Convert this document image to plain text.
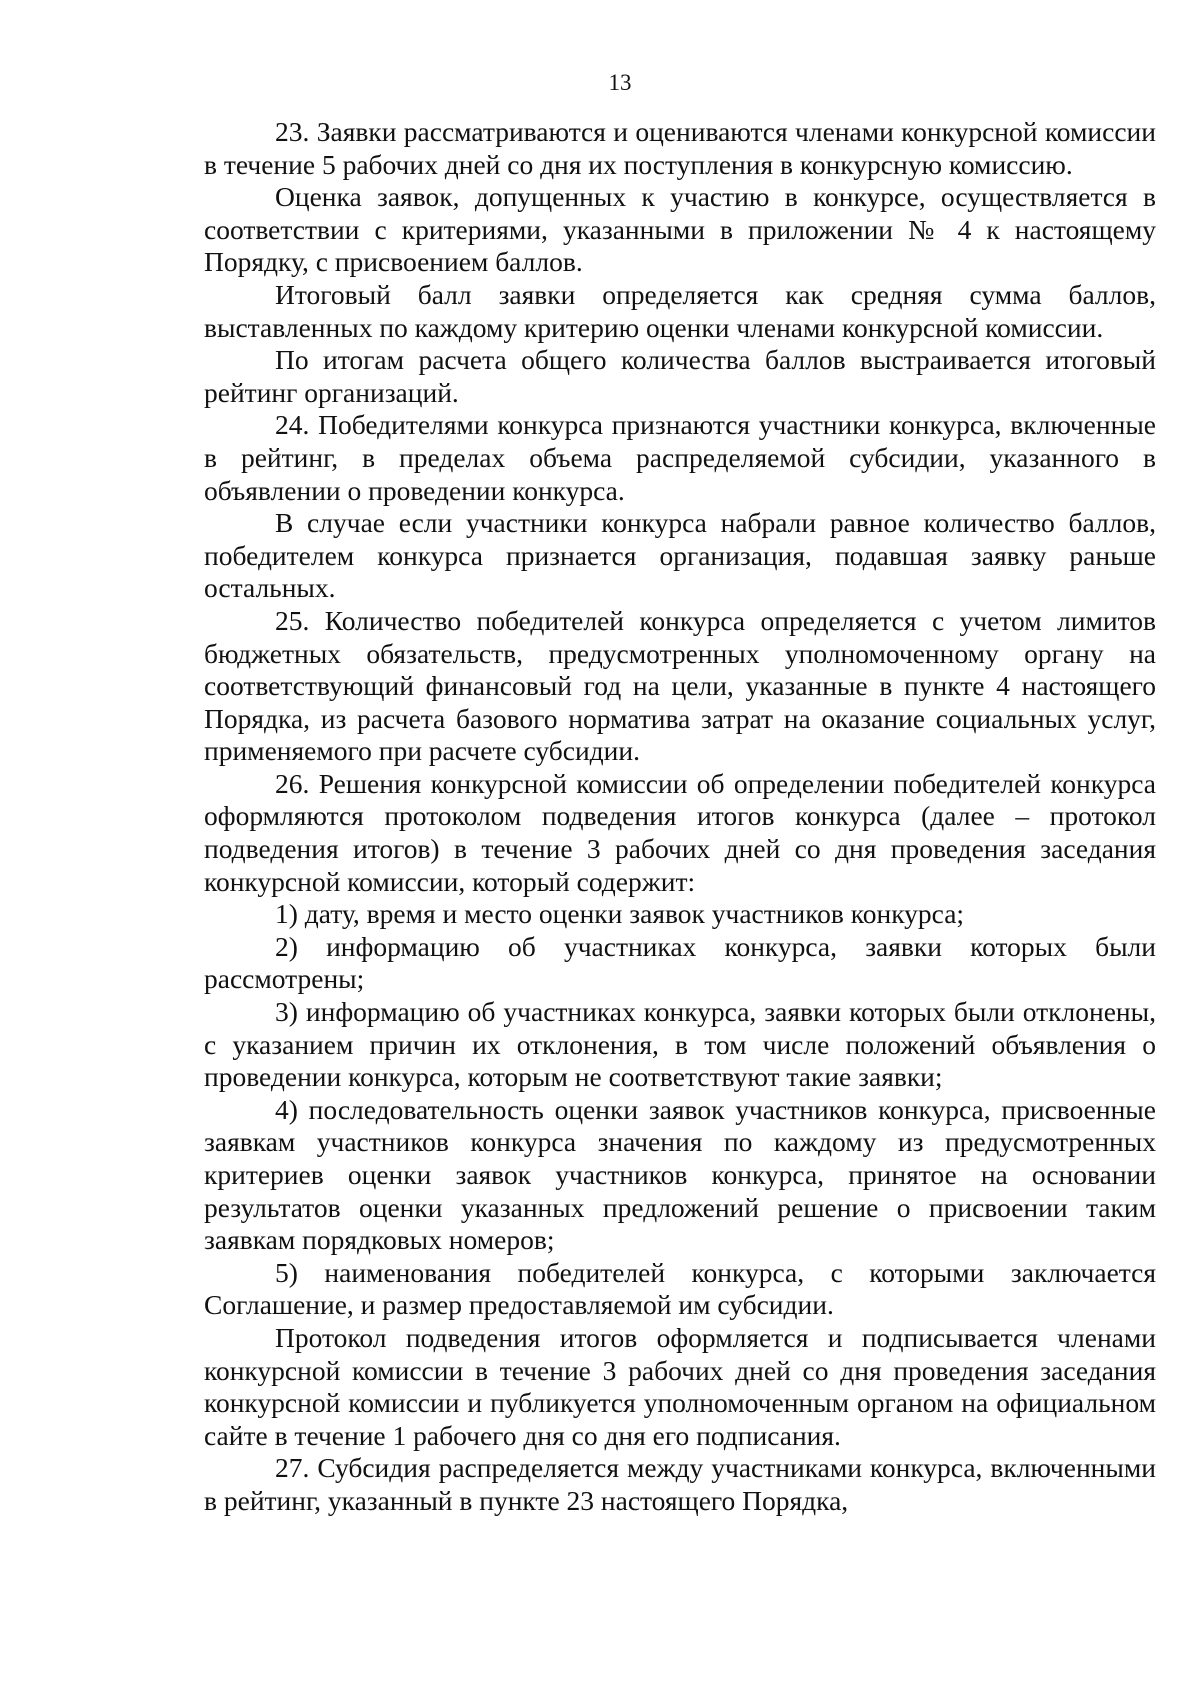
13

23. Заявки рассматриваются и оцениваются членами конкурсной комиссии в течение 5 рабочих дней со дня их поступления в конкурсную комиссию.

Оценка заявок, допущенных к участию в конкурсе, осуществляется в соответствии с критериями, указанными в приложении № 4 к настоящему Порядку, с присвоением баллов.

Итоговый балл заявки определяется как средняя сумма баллов, выставленных по каждому критерию оценки членами конкурсной комиссии.

По итогам расчета общего количества баллов выстраивается итоговый рейтинг организаций.

24. Победителями конкурса признаются участники конкурса, включенные в рейтинг, в пределах объема распределяемой субсидии, указанного в объявлении о проведении конкурса.

В случае если участники конкурса набрали равное количество баллов, победителем конкурса признается организация, подавшая заявку раньше остальных.

25. Количество победителей конкурса определяется с учетом лимитов бюджетных обязательств, предусмотренных уполномоченному органу на соответствующий финансовый год на цели, указанные в пункте 4 настоящего Порядка, из расчета базового норматива затрат на оказание социальных услуг, применяемого при расчете субсидии.

26. Решения конкурсной комиссии об определении победителей конкурса оформляются протоколом подведения итогов конкурса (далее – протокол подведения итогов) в течение 3 рабочих дней со дня проведения заседания конкурсной комиссии, который содержит:

1) дату, время и место оценки заявок участников конкурса;

2) информацию об участниках конкурса, заявки которых были рассмотрены;

3) информацию об участниках конкурса, заявки которых были отклонены, с указанием причин их отклонения, в том числе положений объявления о проведении конкурса, которым не соответствуют такие заявки;

4) последовательность оценки заявок участников конкурса, присвоенные заявкам участников конкурса значения по каждому из предусмотренных критериев оценки заявок участников конкурса, принятое на основании результатов оценки указанных предложений решение о присвоении таким заявкам порядковых номеров;

5) наименования победителей конкурса, с которыми заключается Соглашение, и размер предоставляемой им субсидии.

Протокол подведения итогов оформляется и подписывается членами конкурсной комиссии в течение 3 рабочих дней со дня проведения заседания конкурсной комиссии и публикуется уполномоченным органом на официальном сайте в течение 1 рабочего дня со дня его подписания.

27. Субсидия распределяется между участниками конкурса, включенными в рейтинг, указанный в пункте 23 настоящего Порядка,
